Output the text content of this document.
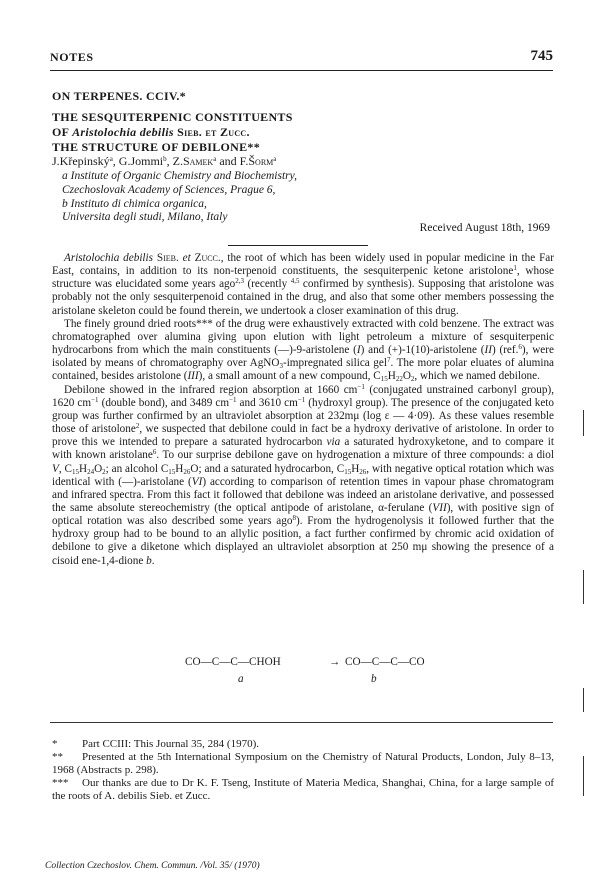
NOTES	745
ON TERPENES. CCIV.*
THE SESQUITERPENIC CONSTITUENTS
OF Aristolochia debilis Sieb. et Zucc.
THE STRUCTURE OF DEBILONE**
J.Křepinský$^a$, G.Jommi$^b$, Z.Samek$^a$ and F.Šorm$^a$
a Institute of Organic Chemistry and Biochemistry,
Czechoslovak Academy of Sciences, Prague 6,
b Instituto di chimica organica,
Universita degli studi, Milano, Italy
Received August 18th, 1969

Aristolochia debilis Sieb. et Zucc., the root of which has been widely used in popular medicine in the Far East, contains, in addition to its non-terpenoid constituents, the sesquiterpenic ketone aristolone$^1$, whose structure was elucidated some years ago$^{2,3}$ (recently $^{4,5}$ confirmed by synthesis). Supposing that aristolone was probably not the only sesquiterpenoid contained in the drug, and also that some other members possessing the aristolane skeleton could be found therein, we undertook a closer examination of this drug.

The finely ground dried roots*** of the drug were exhaustively extracted with cold benzene. The extract was chromatographed over alumina giving upon elution with light petroleum a mixture of sesquiterpenic hydrocarbons from which the main constituents (—)-9-aristolene (I) and (+)-1(10)-aristolene (II) (ref.$^6$), were isolated by means of chromatography over AgNO$_3$-impregnated silica gel$^7$. The more polar eluates of alumina contained, besides aristolone (III), a small amount of a new compound, $C_{15}H_{22}O_2$, which we named debilone.

Debilone showed in the infrared region absorption at 1660 $cm^{-1}$ (conjugated unstrained carbonyl group), 1620 $cm^{-1}$ (double bond), and 3489 $cm^{-1}$ and 3610 $cm^{-1}$ (hydroxyl group). The presence of the conjugated keto group was further confirmed by an ultraviolet absorption at 232mμ (log ε — 4·09). As these values resemble those of aristolone$^2$, we suspected that debilone could in fact be a hydroxy derivative of aristolone. In order to prove this we intended to prepare a saturated hydrocarbon via a saturated hydroxyketone, and to compare it with known aristolane$^6$. To our surprise debilone gave on hydrogenation a mixture of three compounds: a diol V, $C_{15}H_{24}O_2$; an alcohol $C_{15}H_{26}O$; and a saturated hydrocarbon, $C_{15}H_{26}$, with negative optical rotation which was identical with (—)-aristolane (VI) according to comparison of retention times in vapour phase chromatogram and infrared spectra. From this fact it followed that debilone was indeed an aristolane derivative, and possessed the same absolute stereochemistry (the optical antipode of aristolane, α-ferulane (VII), with positive sign of optical rotation was also described some years ago$^8$). From the hydrogenolysis it followed further that the hydroxy group had to be bound to an allylic position, a fact further confirmed by chromic acid oxidation of debilone to give a diketone which displayed an ultraviolet absorption at 250 mμ showing the presence of a cisoid ene-1,4-dione b.

CO—C—C—CHOH	→ CO—C—C—CO
a	b

* Part CCIII: This Journal 35, 284 (1970).

** Presented at the 5th International Symposium on the Chemistry of Natural Products, London, July 8–13, 1968 (Abstracts p. 298).

*** Our thanks are due to Dr K. F. Tseng, Institute of Materia Medica, Shanghai, China, for a large sample of the roots of A. debilis Sieb. et Zucc.

Collection Czechoslov. Chem. Commun. /Vol. 35/ (1970)
